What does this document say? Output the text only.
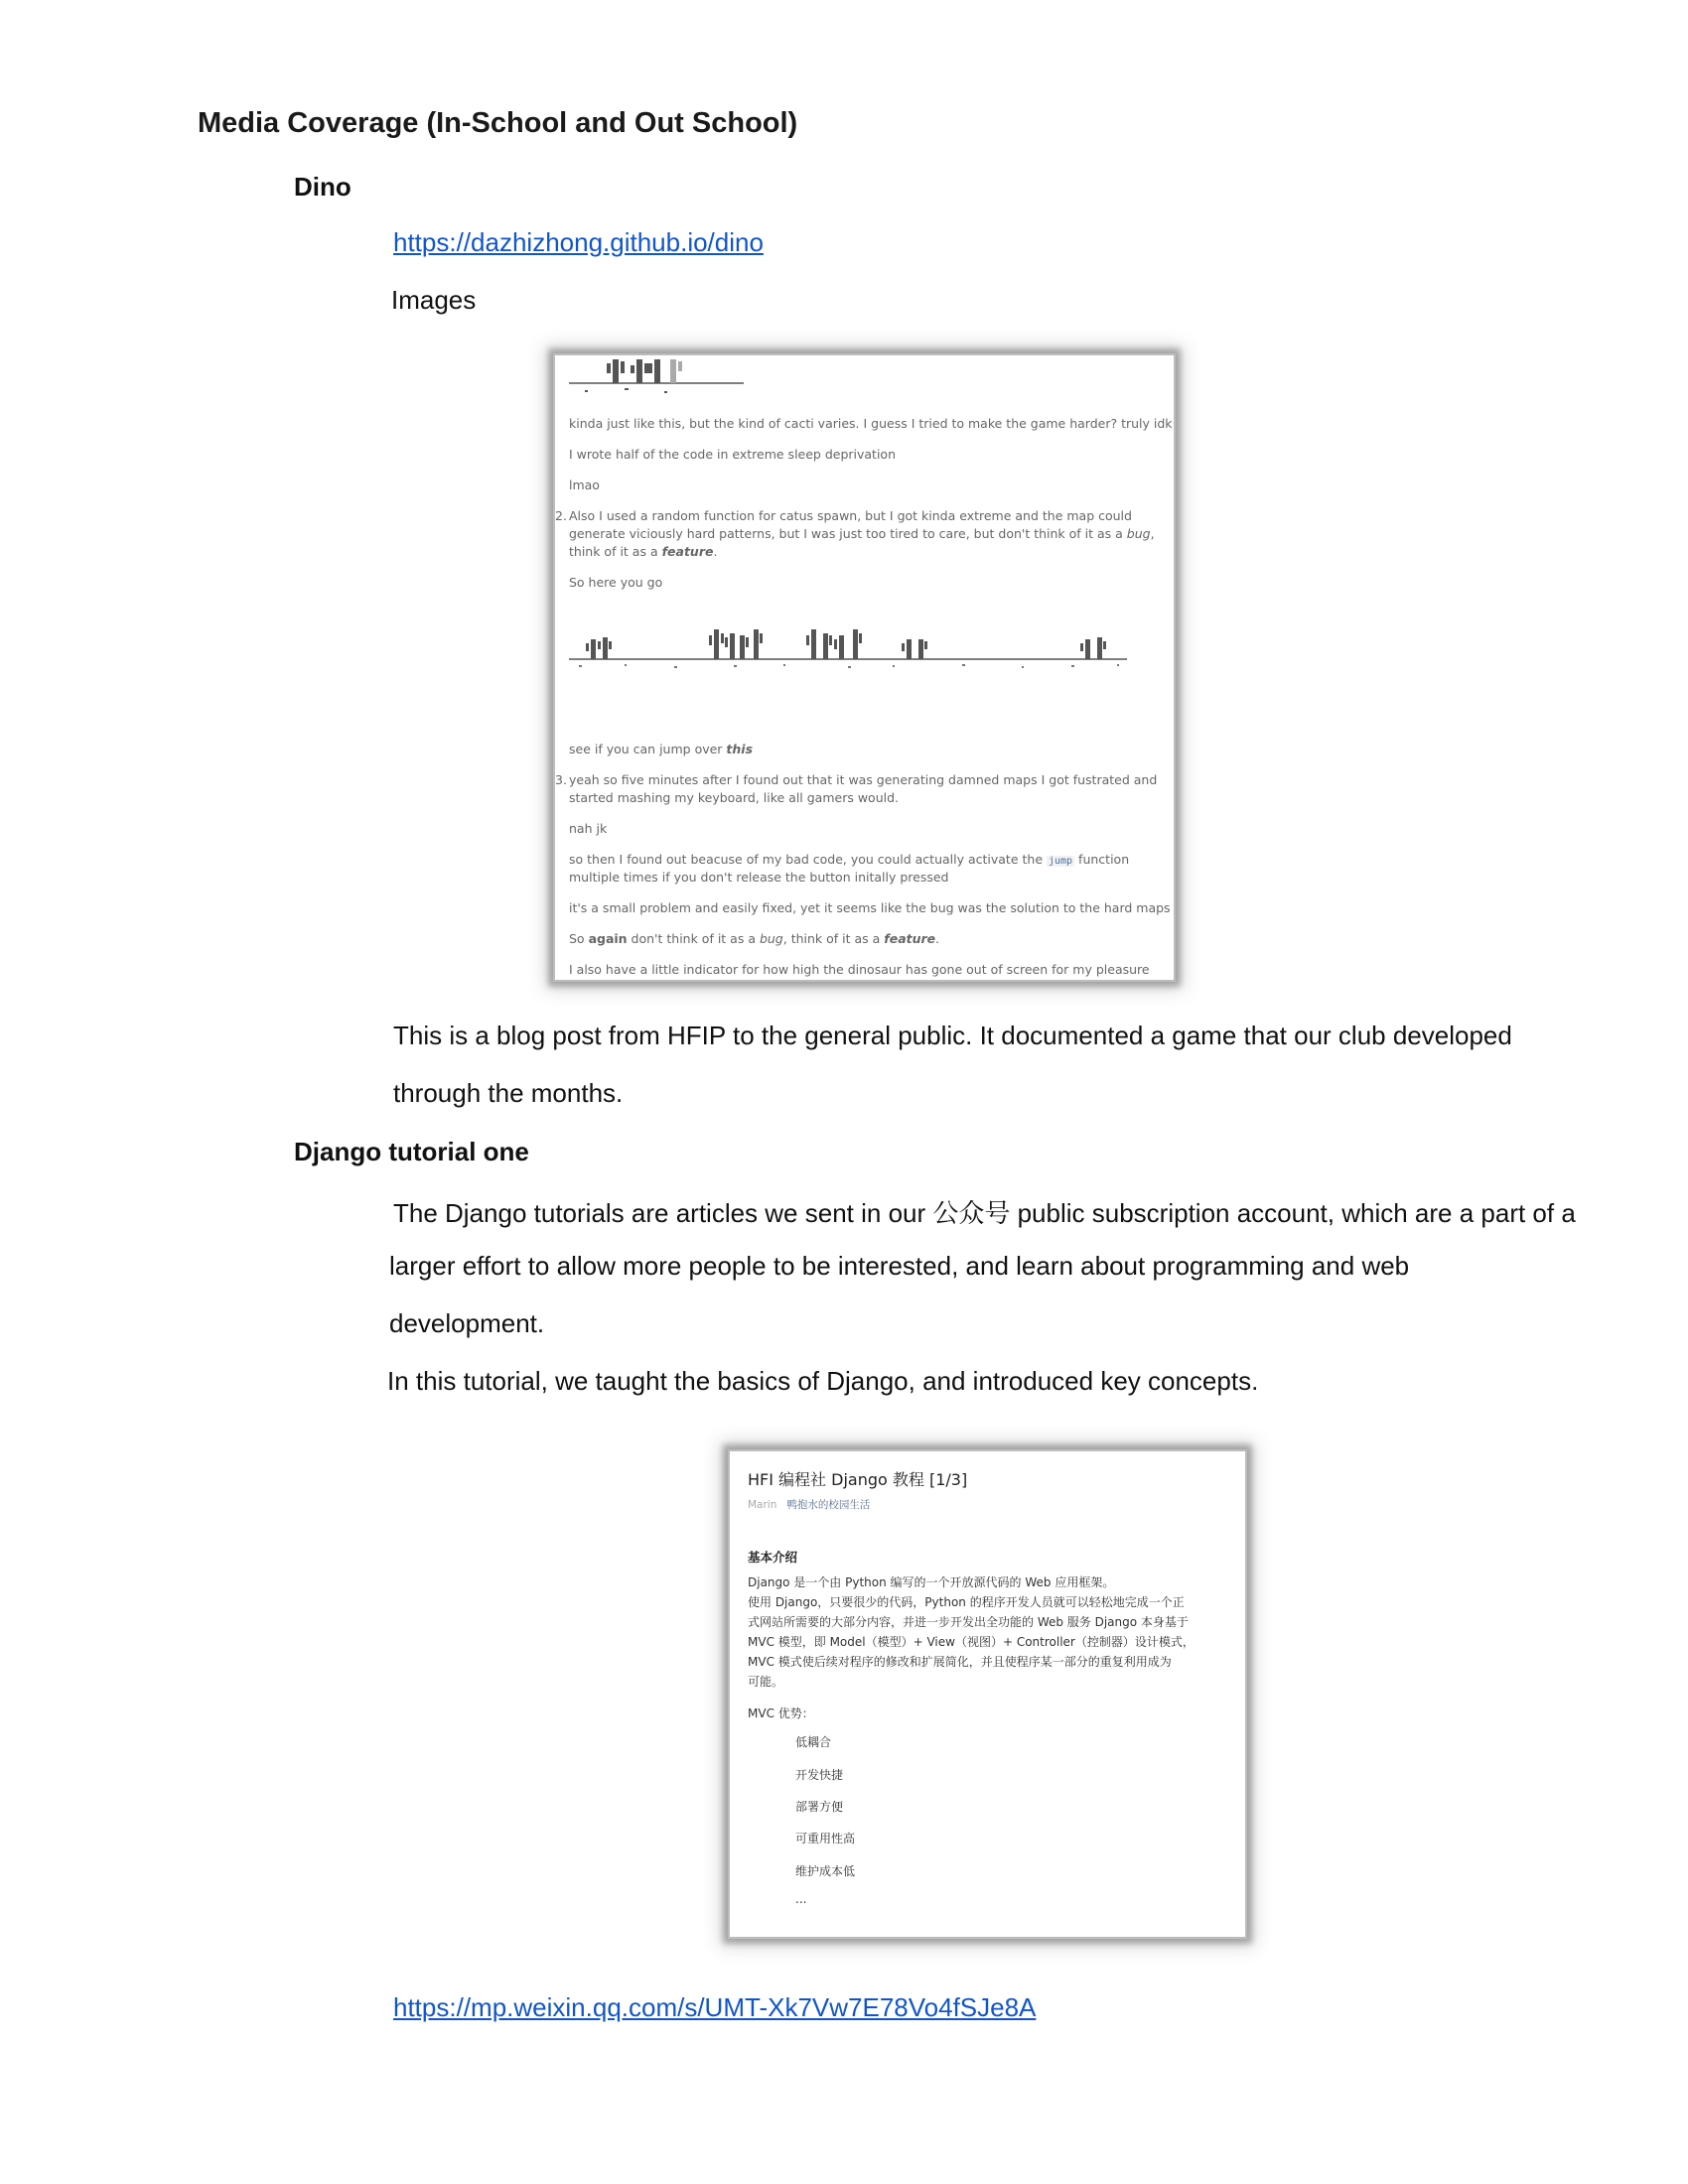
Media Coverage (In-School and Out School)
Dino
https://dazhizhong.github.io/dino
Images
kinda just like this, but the kind of cacti varies. I guess I tried to make the game harder? truly idk
I wrote half of the code in extreme sleep deprivation
lmao
2. Also I used a random function for catus spawn, but I got kinda extreme and the map could
generate viciously hard patterns, but I was just too tired to care, but don't think of it as a bug,
think of it as a feature.
So here you go
see if you can jump over this
3. yeah so five minutes after I found out that it was generating damned maps I got fustrated and
started mashing my keyboard, like all gamers would.
nah jk
so then I found out beacuse of my bad code, you could actually activate the jump function
multiple times if you don't release the button initally pressed
it's a small problem and easily fixed, yet it seems like the bug was the solution to the hard maps
So again don't think of it as a bug, think of it as a feature.
I also have a little indicator for how high the dinosaur has gone out of screen for my pleasure
This is a blog post from HFIP to the general public. It documented a game that our club developed
through the months.
Django tutorial one
The Django tutorials are articles we sent in our 公众号 public subscription account, which are a part of a
larger effort to allow more people to be interested, and learn about programming and web
development.
In this tutorial, we taught the basics of Django, and introduced key concepts.
HFI 编程社 Django 教程 [1/3]
Marin 鸭抱水的校园生活
基本介绍
Django 是一个由 Python 编写的一个开放源代码的 Web 应用框架。
使用 Django，只要很少的代码，Python 的程序开发人员就可以轻松地完成一个正
式网站所需要的大部分内容，并进一步开发出全功能的 Web 服务 Django 本身基于
MVC 模型，即 Model（模型）+ View（视图）+ Controller（控制器）设计模式，
MVC 模式使后续对程序的修改和扩展简化，并且使程序某一部分的重复利用成为
可能。
MVC 优势：
低耦合
开发快捷
部署方便
可重用性高
维护成本低
...
https://mp.weixin.qq.com/s/UMT-Xk7Vw7E78Vo4fSJe8A
